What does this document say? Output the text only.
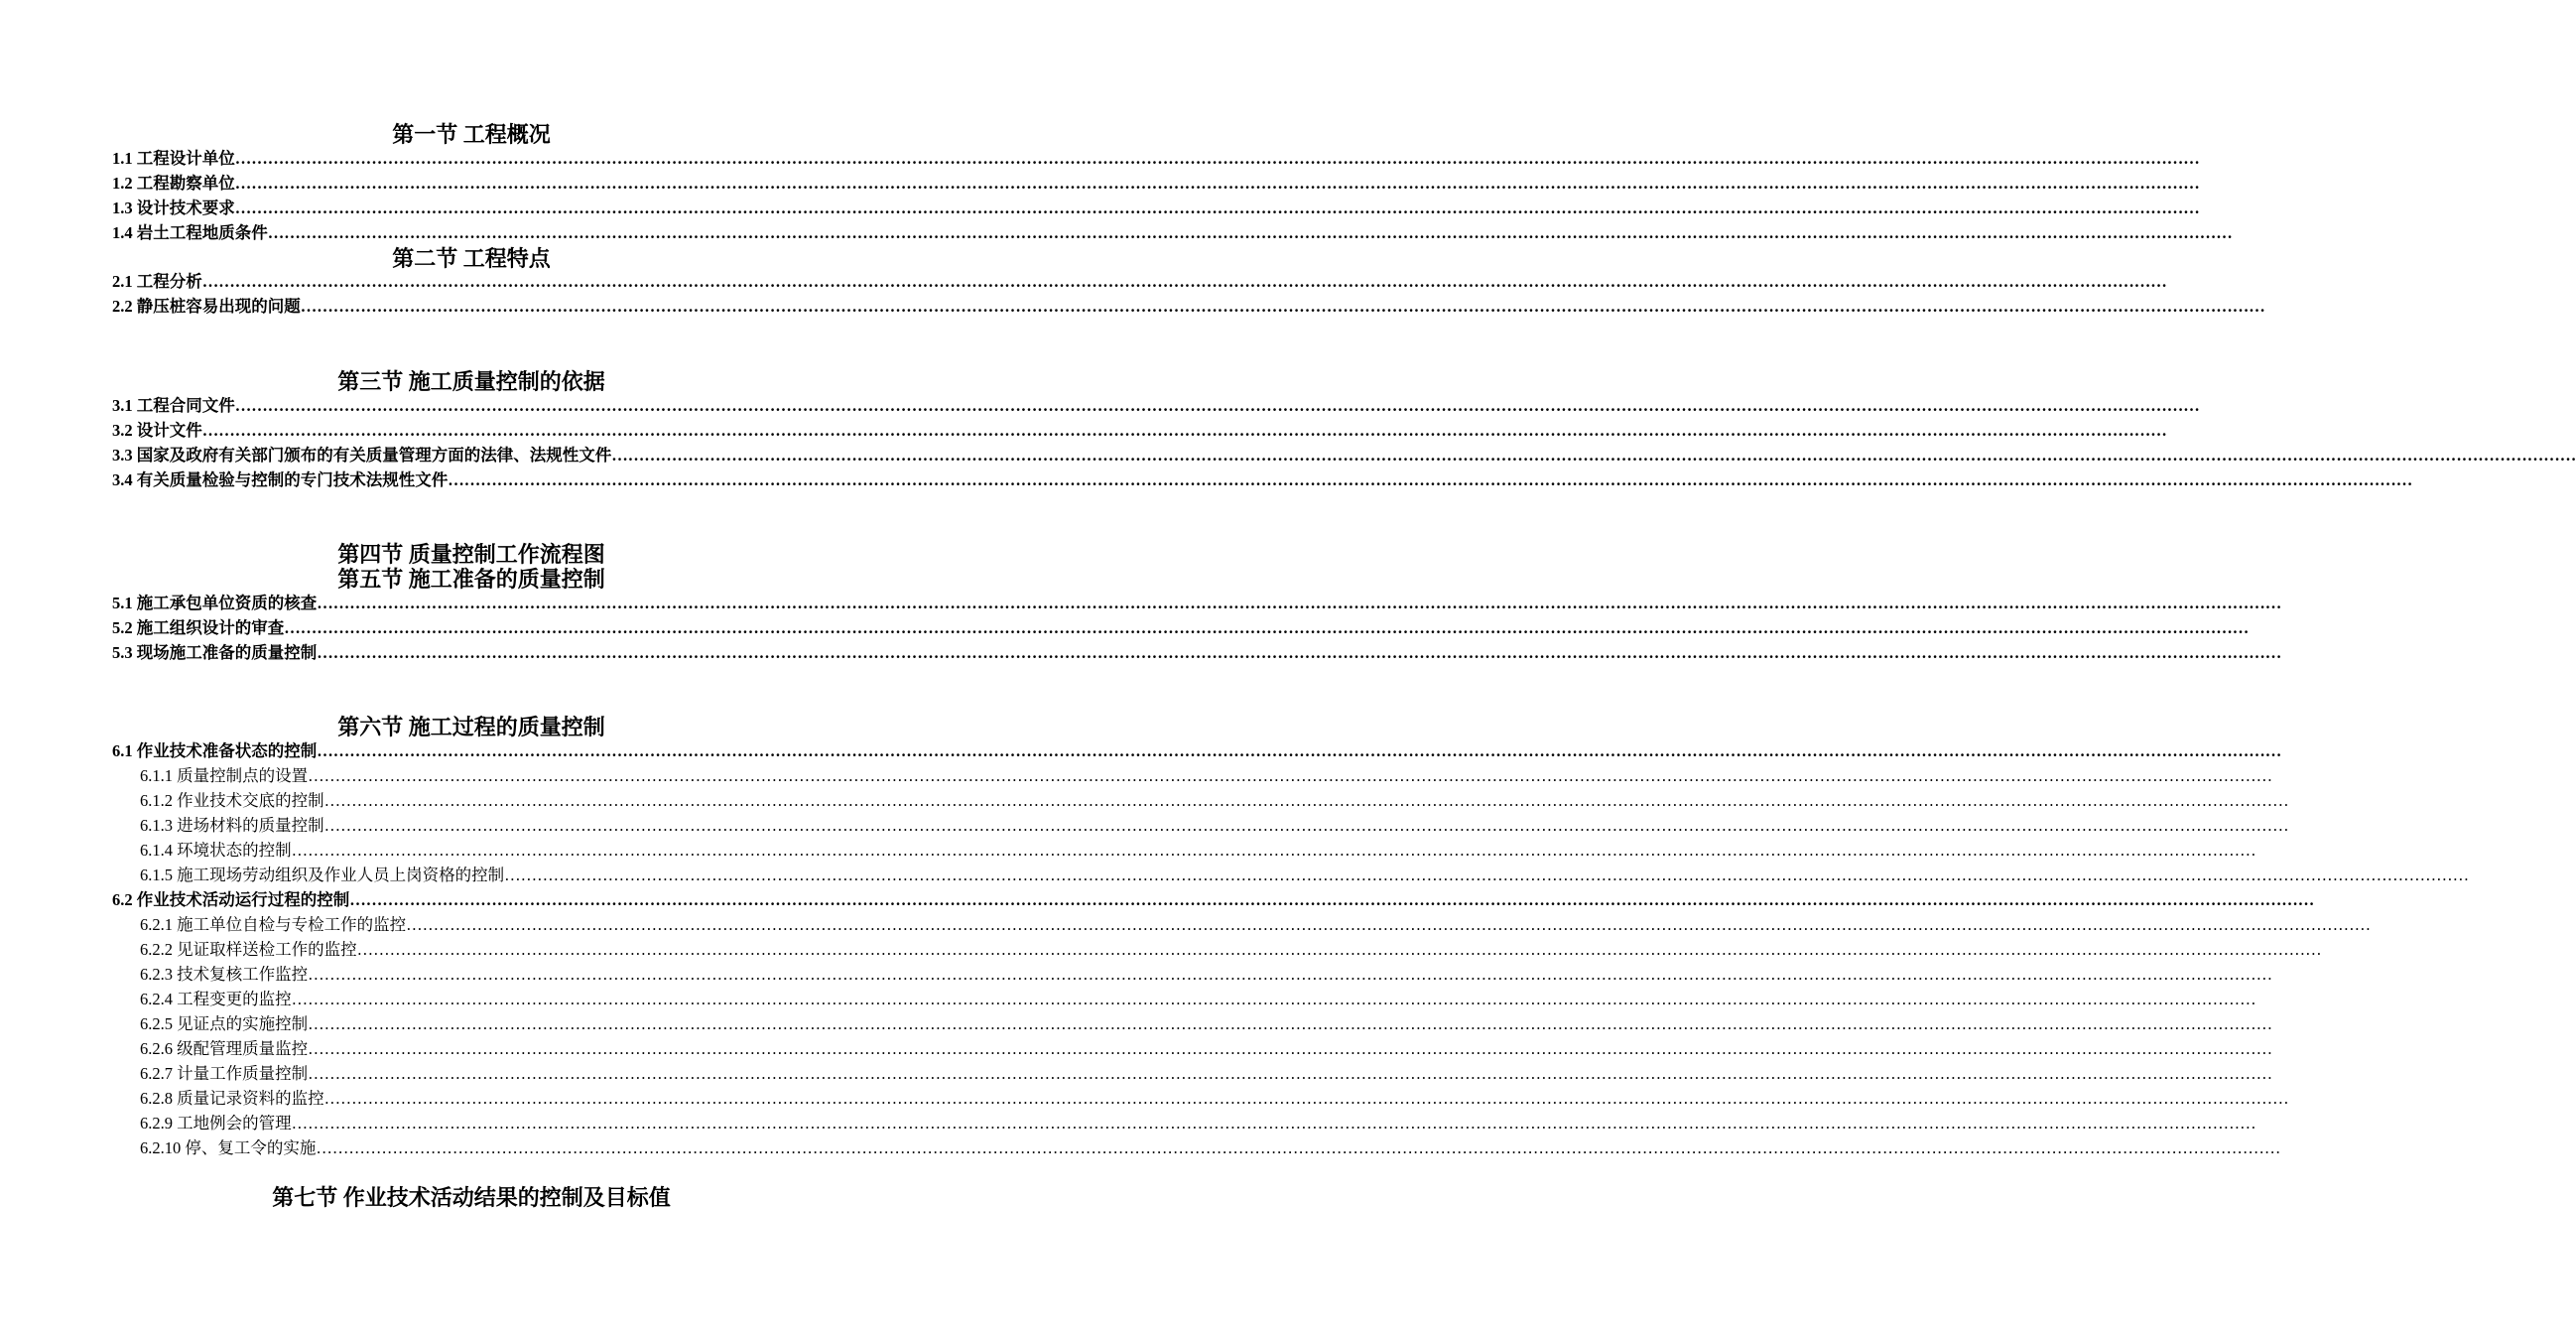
第一节 工程概况
1.1 工程设计单位 ………………………………………………………………………………………………………………………………………………………………………………………………………………………………………………………………………………………………………………………………
1.2 工程勘察单位 ………………………………………………………………………………………………………………………………………………………………………………………………………………………………………………………………………………………………………………………………
1.3 设计技术要求 ………………………………………………………………………………………………………………………………………………………………………………………………………………………………………………………………………………………………………………………………
1.4 岩土工程地质条件 ………………………………………………………………………………………………………………………………………………………………………………………………………………………………………………………………………………………………………………………………
第二节 工程特点
2.1 工程分析 ………………………………………………………………………………………………………………………………………………………………………………………………………………………………………………………………………………………………………………………………
2.2 静压桩容易出现的问题 ………………………………………………………………………………………………………………………………………………………………………………………………………………………………………………………………………………………………………………………………
第三节 施工质量控制的依据
3.1 工程合同文件 ………………………………………………………………………………………………………………………………………………………………………………………………………………………………………………………………………………………………………………………………
3.2 设计文件 ………………………………………………………………………………………………………………………………………………………………………………………………………………………………………………………………………………………………………………………………
3.3 国家及政府有关部门颁布的有关质量管理方面的法律、法规性文件 ………………………………………………………………………………………………………………………………………………………………………………………………………………………………………………………………………………………………………………………………
3.4 有关质量检验与控制的专门技术法规性文件 ………………………………………………………………………………………………………………………………………………………………………………………………………………………………………………………………………………………………………………………………
第四节 质量控制工作流程图
第五节 施工准备的质量控制
5.1 施工承包单位资质的核查 ………………………………………………………………………………………………………………………………………………………………………………………………………………………………………………………………………………………………………………………………
5.2 施工组织设计的审查 ………………………………………………………………………………………………………………………………………………………………………………………………………………………………………………………………………………………………………………………………
5.3 现场施工准备的质量控制 ………………………………………………………………………………………………………………………………………………………………………………………………………………………………………………………………………………………………………………………………
第六节 施工过程的质量控制
6.1 作业技术准备状态的控制 ………………………………………………………………………………………………………………………………………………………………………………………………………………………………………………………………………………………………………………………………
6.1.1 质量控制点的设置 ………………………………………………………………………………………………………………………………………………………………………………………………………………………………………………………………………………………………………………………………
6.1.2 作业技术交底的控制 ………………………………………………………………………………………………………………………………………………………………………………………………………………………………………………………………………………………………………………………………
6.1.3 进场材料的质量控制 ………………………………………………………………………………………………………………………………………………………………………………………………………………………………………………………………………………………………………………………………
6.1.4 环境状态的控制 ………………………………………………………………………………………………………………………………………………………………………………………………………………………………………………………………………………………………………………………………
6.1.5 施工现场劳动组织及作业人员上岗资格的控制 ………………………………………………………………………………………………………………………………………………………………………………………………………………………………………………………………………………………………………………………………
6.2 作业技术活动运行过程的控制 ………………………………………………………………………………………………………………………………………………………………………………………………………………………………………………………………………………………………………………………………
6.2.1 施工单位自检与专检工作的监控 ………………………………………………………………………………………………………………………………………………………………………………………………………………………………………………………………………………………………………………………………
6.2.2 见证取样送检工作的监控 ………………………………………………………………………………………………………………………………………………………………………………………………………………………………………………………………………………………………………………………………
6.2.3 技术复核工作监控 ………………………………………………………………………………………………………………………………………………………………………………………………………………………………………………………………………………………………………………………………
6.2.4 工程变更的监控 ………………………………………………………………………………………………………………………………………………………………………………………………………………………………………………………………………………………………………………………………
6.2.5 见证点的实施控制 ………………………………………………………………………………………………………………………………………………………………………………………………………………………………………………………………………………………………………………………………
6.2.6 级配管理质量监控 ………………………………………………………………………………………………………………………………………………………………………………………………………………………………………………………………………………………………………………………………
6.2.7 计量工作质量控制 ………………………………………………………………………………………………………………………………………………………………………………………………………………………………………………………………………………………………………………………………
6.2.8 质量记录资料的监控 ………………………………………………………………………………………………………………………………………………………………………………………………………………………………………………………………………………………………………………………………
6.2.9 工地例会的管理 ………………………………………………………………………………………………………………………………………………………………………………………………………………………………………………………………………………………………………………………………
6.2.10 停、复工令的实施 ………………………………………………………………………………………………………………………………………………………………………………………………………………………………………………………………………………………………………………………………
第七节 作业技术活动结果的控制及目标值
